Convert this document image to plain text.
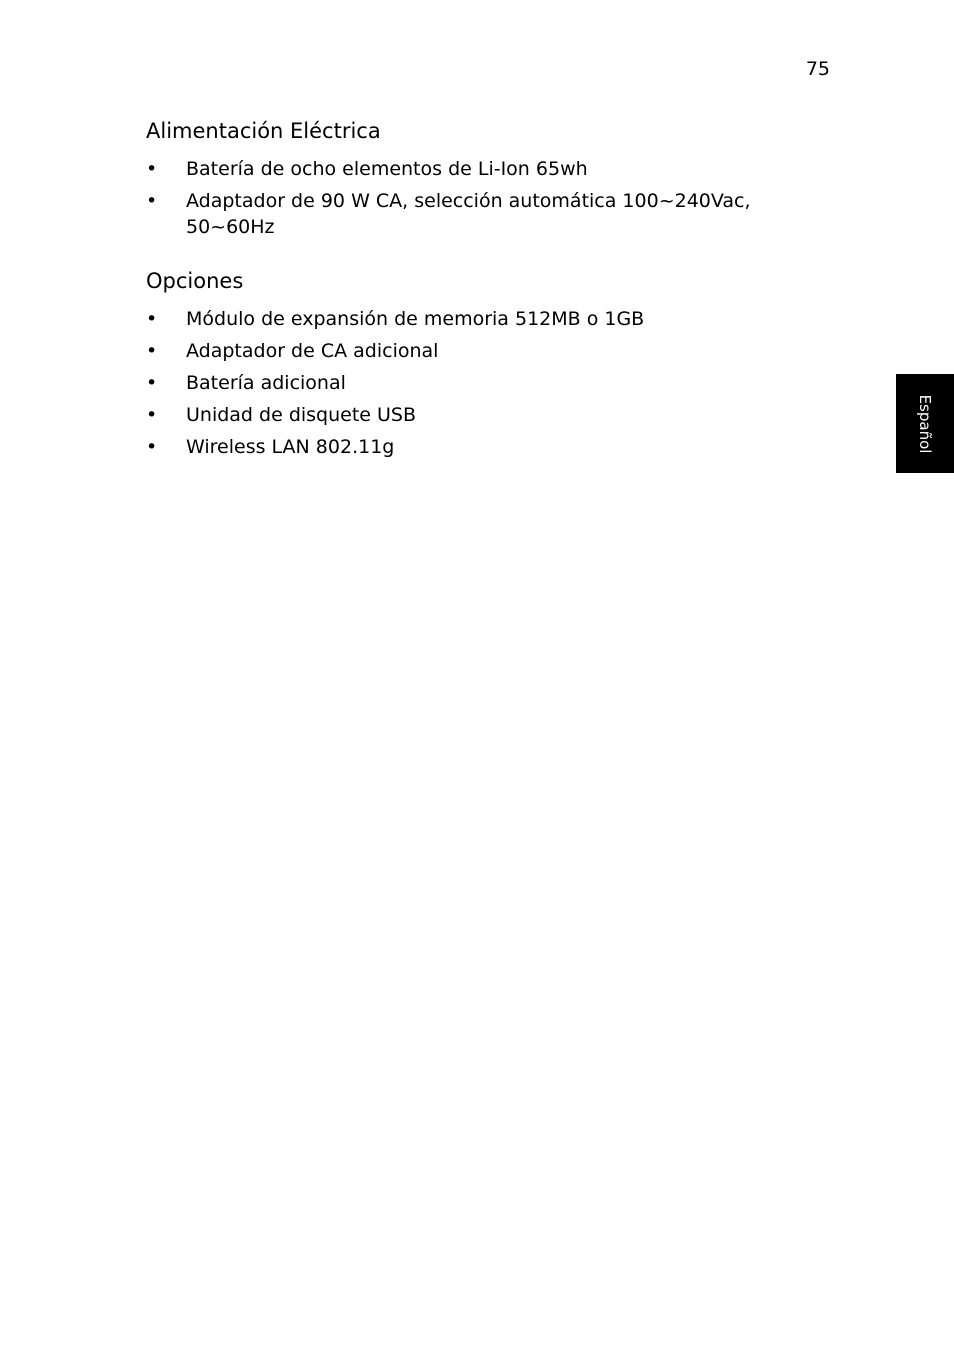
75
Alimentación Eléctrica
• Batería de ocho elementos de Li-Ion 65wh
• Adaptador de 90 W CA, selección automática 100~240Vac, 50~60Hz
Opciones
• Módulo de expansión de memoria 512MB o 1GB
• Adaptador de CA adicional
• Batería adicional
• Unidad de disquete USB
• Wireless LAN 802.11g	Español
